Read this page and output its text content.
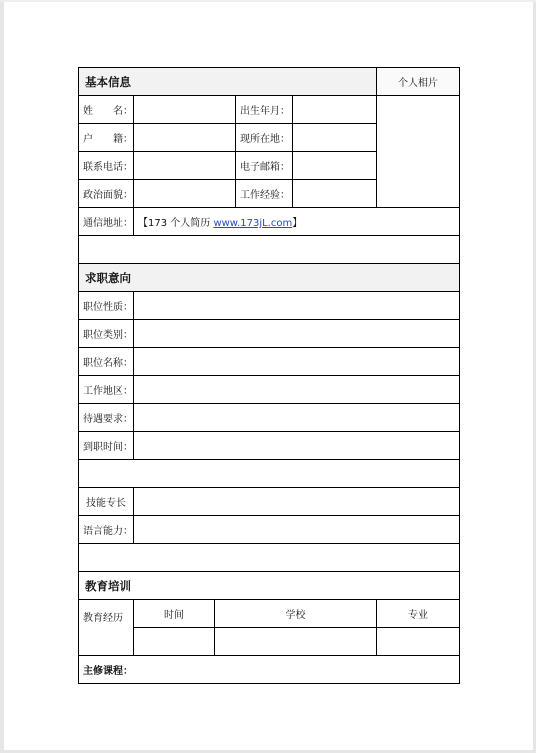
基本信息					个人相片
姓　　名：			出生年月：		
户　　籍：			现所在地：		
联系电话：			电子邮箱：		
政治面貌：			工作经验：		
通信地址：	【173 个人简历 www.173jL.com】				

求职意向					
职位性质：					
职位类别：					
职位名称：					
工作地区：					
待遇要求：					
到职时间：					

技能专长					
语言能力：					

教育培训					
教育经历	时间	学校			专业

主修课程：					
